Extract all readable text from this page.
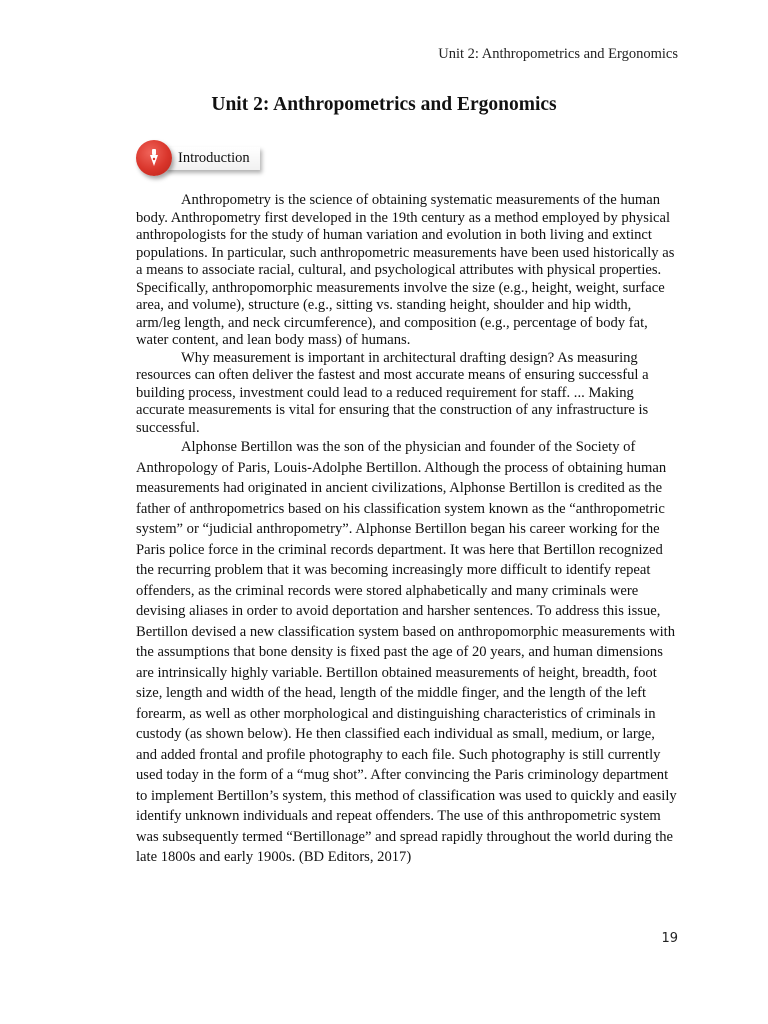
Unit 2: Anthropometrics and Ergonomics
Unit 2: Anthropometrics and Ergonomics
Introduction

Anthropometry is the science of obtaining systematic measurements of the human body. Anthropometry first developed in the 19th century as a method employed by physical anthropologists for the study of human variation and evolution in both living and extinct populations. In particular, such anthropometric measurements have been used historically as a means to associate racial, cultural, and psychological attributes with physical properties. Specifically, anthropomorphic measurements involve the size (e.g., height, weight, surface area, and volume), structure (e.g., sitting vs. standing height, shoulder and hip width, arm/leg length, and neck circumference), and composition (e.g., percentage of body fat, water content, and lean body mass) of humans.

Why measurement is important in architectural drafting design? As measuring resources can often deliver the fastest and most accurate means of ensuring successful a building process, investment could lead to a reduced requirement for staff. ... Making accurate measurements is vital for ensuring that the construction of any infrastructure is successful.

Alphonse Bertillon was the son of the physician and founder of the Society of Anthropology of Paris, Louis-Adolphe Bertillon. Although the process of obtaining human measurements had originated in ancient civilizations, Alphonse Bertillon is credited as the father of anthropometrics based on his classification system known as the “anthropometric system” or “judicial anthropometry”. Alphonse Bertillon began his career working for the Paris police force in the criminal records department. It was here that Bertillon recognized the recurring problem that it was becoming increasingly more difficult to identify repeat offenders, as the criminal records were stored alphabetically and many criminals were devising aliases in order to avoid deportation and harsher sentences. To address this issue, Bertillon devised a new classification system based on anthropomorphic measurements with the assumptions that bone density is fixed past the age of 20 years, and human dimensions are intrinsically highly variable. Bertillon obtained measurements of height, breadth, foot size, length and width of the head, length of the middle finger, and the length of the left forearm, as well as other morphological and distinguishing characteristics of criminals in custody (as shown below). He then classified each individual as small, medium, or large, and added frontal and profile photography to each file. Such photography is still currently used today in the form of a “mug shot”. After convincing the Paris criminology department to implement Bertillon’s system, this method of classification was used to quickly and easily identify unknown individuals and repeat offenders. The use of this anthropometric system was subsequently termed “Bertillonage” and spread rapidly throughout the world during the late 1800s and early 1900s. (BD Editors, 2017)

19
